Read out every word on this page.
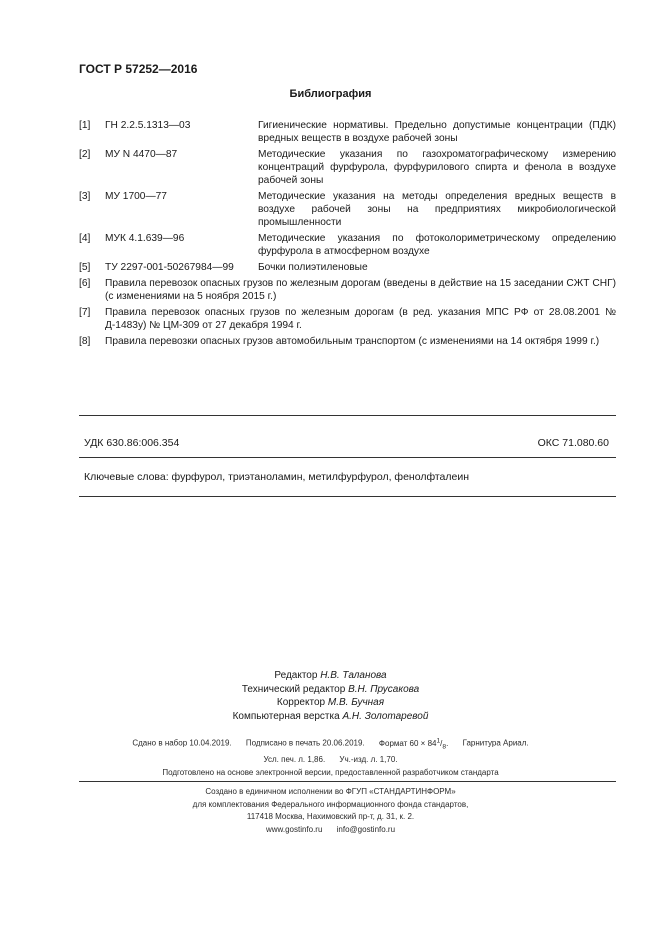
ГОСТ Р 57252—2016
Библиография
[1]	ГН 2.2.5.1313—03	Гигиенические нормативы. Предельно допустимые концентрации (ПДК) вредных веществ в воздухе рабочей зоны
[2]	МУ N 4470—87	Методические указания по газохроматографическому измерению концентраций фурфурола, фурфурилового спирта и фенола в воздухе рабочей зоны
[3]	МУ 1700—77	Методические указания на методы определения вредных веществ в воздухе рабочей зоны на предприятиях микробиологической промышленности
[4]	МУК 4.1.639—96	Методические указания по фотоколориметрическому определению фурфурола в атмосферном воздухе
[5]	ТУ 2297-001-50267984—99	Бочки полиэтиленовые
[6]	Правила перевозок опасных грузов по железным дорогам (введены в действие на 15 заседании СЖТ СНГ) (с изменениями на 5 ноября 2015 г.)
[7]	Правила перевозок опасных грузов по железным дорогам (в ред. указания МПС РФ от 28.08.2001 № Д-1483у) № ЦМ-309 от 27 декабря 1994 г.
[8]	Правила перевозки опасных грузов автомобильным транспортом (с изменениями на 14 октября 1999 г.)
УДК 630.86:006.354	ОКС 71.080.60
Ключевые слова: фурфурол, триэтаноламин, метилфурфурол, фенолфталеин
Редактор Н.В. Таланова
Технический редактор В.Н. Прусакова
Корректор М.В. Бучная
Компьютерная верстка А.Н. Золотаревой
Сдано в набор 10.04.2019. Подписано в печать 20.06.2019. Формат $60 \times 84^1/_8$. Гарнитура Ариал.
Усл. печ. л. 1,86. Уч.-изд. л. 1,70.
Подготовлено на основе электронной версии, предоставленной разработчиком стандарта
Создано в единичном исполнении во ФГУП «СТАНДАРТИНФОРМ»
для комплектования Федерального информационного фонда стандартов,
117418 Москва, Нахимовский пр-т, д. 31, к. 2.
www.gostinfo.ru info@gostinfo.ru
